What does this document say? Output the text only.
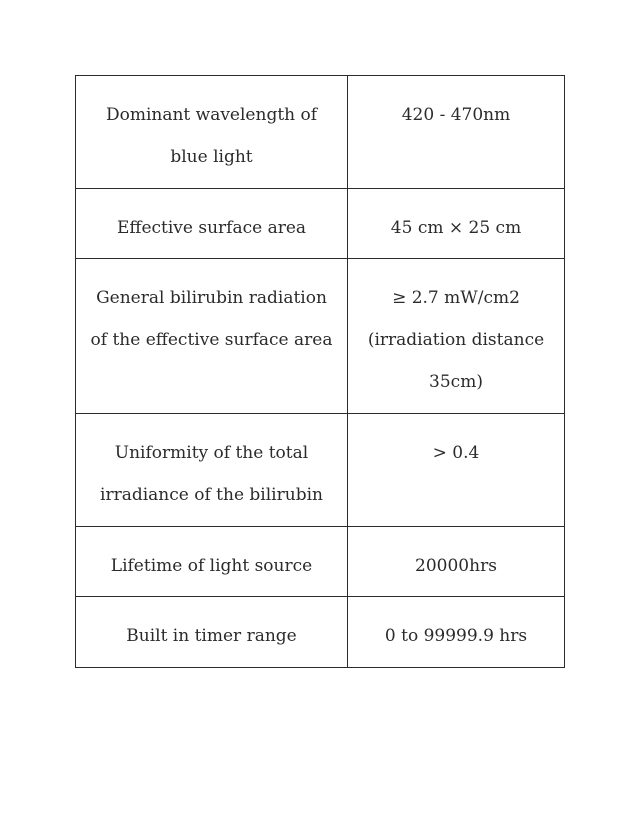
Dominant wavelength of blue light	420 - 470nm
Effective surface area	45 cm × 25 cm
General bilirubin radiation of the effective surface area	≥ 2.7 mW/cm2 (irradiation distance 35cm)
Uniformity of the total irradiance of the bilirubin	> 0.4
Lifetime of light source	20000hrs
Built in timer range	0 to 99999.9 hrs
